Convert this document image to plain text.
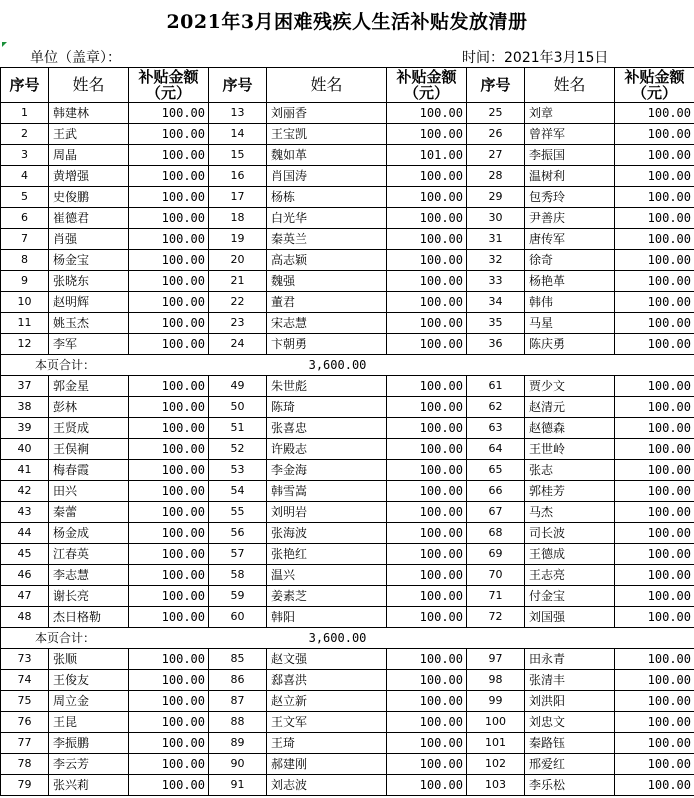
2021年3月困难残疾人生活补贴发放清册
单位（盖章）：	时间：2021年3月15日
序号	姓名	补贴金额（元）	序号	姓名	补贴金额（元）	序号	姓名	补贴金额（元）
1	韩建林	100.00	13	刘丽香	100.00	25	刘章	100.00
2	王武	100.00	14	王宝凯	100.00	26	曾祥军	100.00
3	周晶	100.00	15	魏如革	101.00	27	李振国	100.00
4	黄增强	100.00	16	肖国涛	100.00	28	温树利	100.00
5	史俊鹏	100.00	17	杨栋	100.00	29	包秀玲	100.00
6	崔德君	100.00	18	白光华	100.00	30	尹善庆	100.00
7	肖强	100.00	19	秦英兰	100.00	31	唐传军	100.00
8	杨金宝	100.00	20	高志颖	100.00	32	徐奇	100.00
9	张晓东	100.00	21	魏强	100.00	33	杨艳革	100.00
10	赵明辉	100.00	22	董君	100.00	34	韩伟	100.00
11	姚玉杰	100.00	23	宋志慧	100.00	35	马星	100.00
12	李军	100.00	24	卞朝勇	100.00	36	陈庆勇	100.00
本页合计：			3,600.00					
37	郭金星	100.00	49	朱世彪	100.00	61	贾少文	100.00
38	彭林	100.00	50	陈琦	100.00	62	赵清元	100.00
39	王贤成	100.00	51	张喜忠	100.00	63	赵德森	100.00
40	王俣裥	100.00	52	许殿志	100.00	64	王世岭	100.00
41	梅春霞	100.00	53	李金海	100.00	65	张志	100.00
42	田兴	100.00	54	韩雪嵩	100.00	66	郭桂芳	100.00
43	秦蕾	100.00	55	刘明岩	100.00	67	马杰	100.00
44	杨金成	100.00	56	张海波	100.00	68	司长波	100.00
45	江春英	100.00	57	张艳红	100.00	69	王德成	100.00
46	李志慧	100.00	58	温兴	100.00	70	王志亮	100.00
47	谢长亮	100.00	59	姜素芝	100.00	71	付金宝	100.00
48	杰日格勒	100.00	60	韩阳	100.00	72	刘国强	100.00
本页合计：			3,600.00					
73	张顺	100.00	85	赵文强	100.00	97	田永青	100.00
74	王俊友	100.00	86	郄喜洪	100.00	98	张清丰	100.00
75	周立金	100.00	87	赵立新	100.00	99	刘洪阳	100.00
76	王昆	100.00	88	王文军	100.00	100	刘忠文	100.00
77	李振鹏	100.00	89	王琦	100.00	101	秦路钰	100.00
78	李云芳	100.00	90	郝建刚	100.00	102	邢爱红	100.00
79	张兴莉	100.00	91	刘志波	100.00	103	李乐松	100.00
